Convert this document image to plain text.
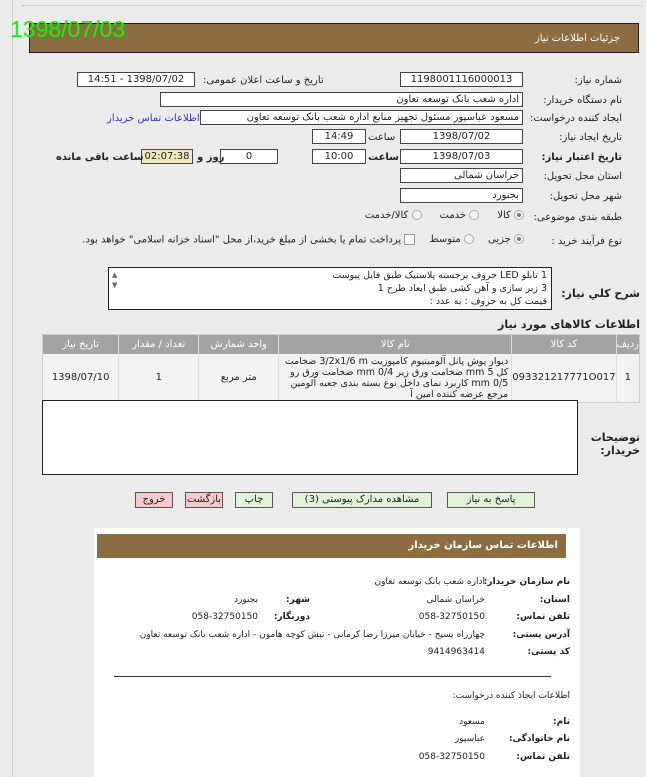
جزئیات اطلاعات نیاز
1398/07/03
شماره نیاز:
1198001116000013
تاریخ و ساعت اعلان عمومی:
1398/07/02 - 14:51
نام دستگاه خریدار:
اداره شعب بانک توسعه تعاون
ایجاد کننده درخواست:
مسعود عباسپور مسئول تجهیز منابع اداره شعب بانک توسعه تعاون
اطلاعات تماس خریدار
تاریخ ایجاد نیاز:
1398/07/02
ساعت
14:49
تاریخ اعتبار نیاز:
1398/07/03
ساعت
10:00
0
روز و
02:07:38
ساعت باقی مانده
استان محل تحویل:
خراسان شمالی
شهر محل تحویل:
بجنورد
طبقه بندی موضوعی:
کالا
خدمت
کالا/خدمت
نوع فرآیند خرید :
جزیی
متوسط
پرداخت تمام یا بخشی از مبلغ خرید،از محل "اسناد خزانه اسلامی" خواهد بود.
شرح کلي نیاز:
1 تابلو LED حروف برجسته پلاستیک طبق فایل پیوست
3 زیر سازی و آهن کشی طبق ابعاد طرح 1
قیمت کل به حروف : به عدد :
▲
▼
اطلاعات کالاهای مورد نیاز
ردیف	کد کالا	نام کالا	واحد شمارش	تعداد / مقدار	تاریخ نیاز
1	093321217771O017	دیوار پوش پانل آلومینیوم کامپوزیت 3/2x1/6 m ضخامت کل 5 mm ضخامت ورق زیر 0/4 mm ضخامت ورق رو 0/5 mm کاربرد نمای داخل نوع بسته بندی جعبه آلومین مرجع عرضه کننده امین آ	متر مربع	1	1398/07/10
توضیحات خریدار:
پاسخ به نیاز
مشاهده مدارک پیوستی (3)
چاپ
بازگشت
خروج
اطلاعات تماس سازمان خریدار
نام سازمان خریدار:اداره شعب بانک توسعه تعاون
استان:خراسان شمالیشهر:بجنورد
تلفن تماس:058-32750150دورنگار:058-32750150
آدرس پستی:چهارراه بسیج - خیابان میرزا رضا کرمانی - نبش کوچه هامون - اداره شعب بانک توسعه تعاون
کد پستی:9414963414
اطلاعات ایجاد کننده درخواست:
نام:مسعود
نام خانوادگی:عباسپور
تلفن تماس:058-32750150
